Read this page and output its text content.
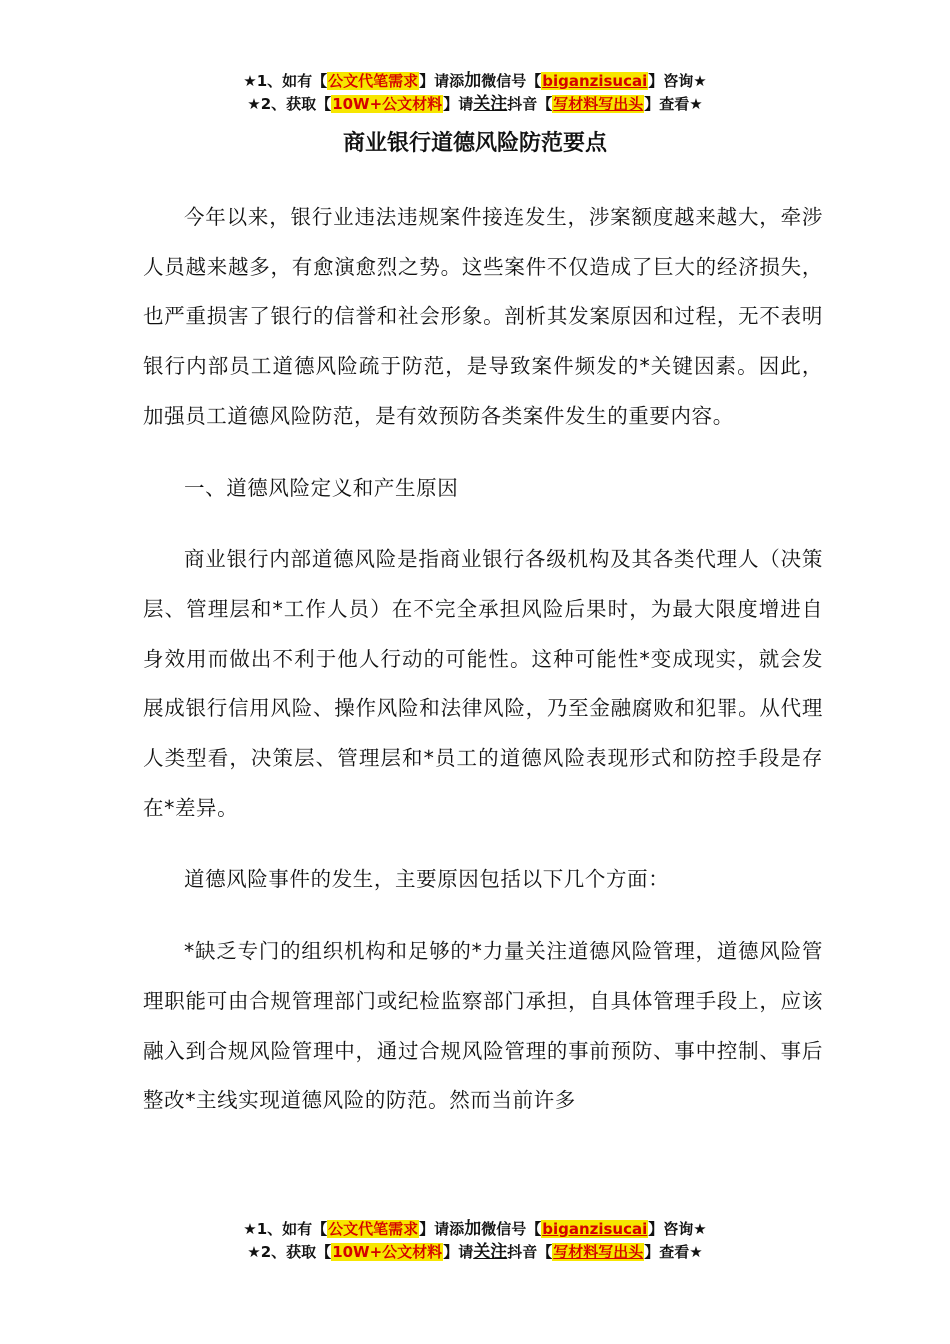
★1、如有【公文代笔需求】请添加微信号【biganzisucai】咨询★
★2、获取【10W+公文材料】请关注抖音【写材料写出头】查看★
商业银行道德风险防范要点

今年以来，银行业违法违规案件接连发生，涉案额度越来越大，牵涉人员越来越多，有愈演愈烈之势。这些案件不仅造成了巨大的经济损失，也严重损害了银行的信誉和社会形象。剖析其发案原因和过程，无不表明银行内部员工道德风险疏于防范，是导致案件频发的*关键因素。因此，加强员工道德风险防范，是有效预防各类案件发生的重要内容。

一、道德风险定义和产生原因

商业银行内部道德风险是指商业银行各级机构及其各类代理人（决策层、管理层和*工作人员）在不完全承担风险后果时，为最大限度增进自身效用而做出不利于他人行动的可能性。这种可能性*变成现实，就会发展成银行信用风险、操作风险和法律风险，乃至金融腐败和犯罪。从代理人类型看，决策层、管理层和*员工的道德风险表现形式和防控手段是存在*差异。

道德风险事件的发生，主要原因包括以下几个方面：

*缺乏专门的组织机构和足够的*力量关注道德风险管理，道德风险管理职能可由合规管理部门或纪检监察部门承担，自具体管理手段上，应该融入到合规风险管理中，通过合规风险管理的事前预防、事中控制、事后整改*主线实现道德风险的防范。然而当前许多

★1、如有【公文代笔需求】请添加微信号【biganzisucai】咨询★
★2、获取【10W+公文材料】请关注抖音【写材料写出头】查看★
